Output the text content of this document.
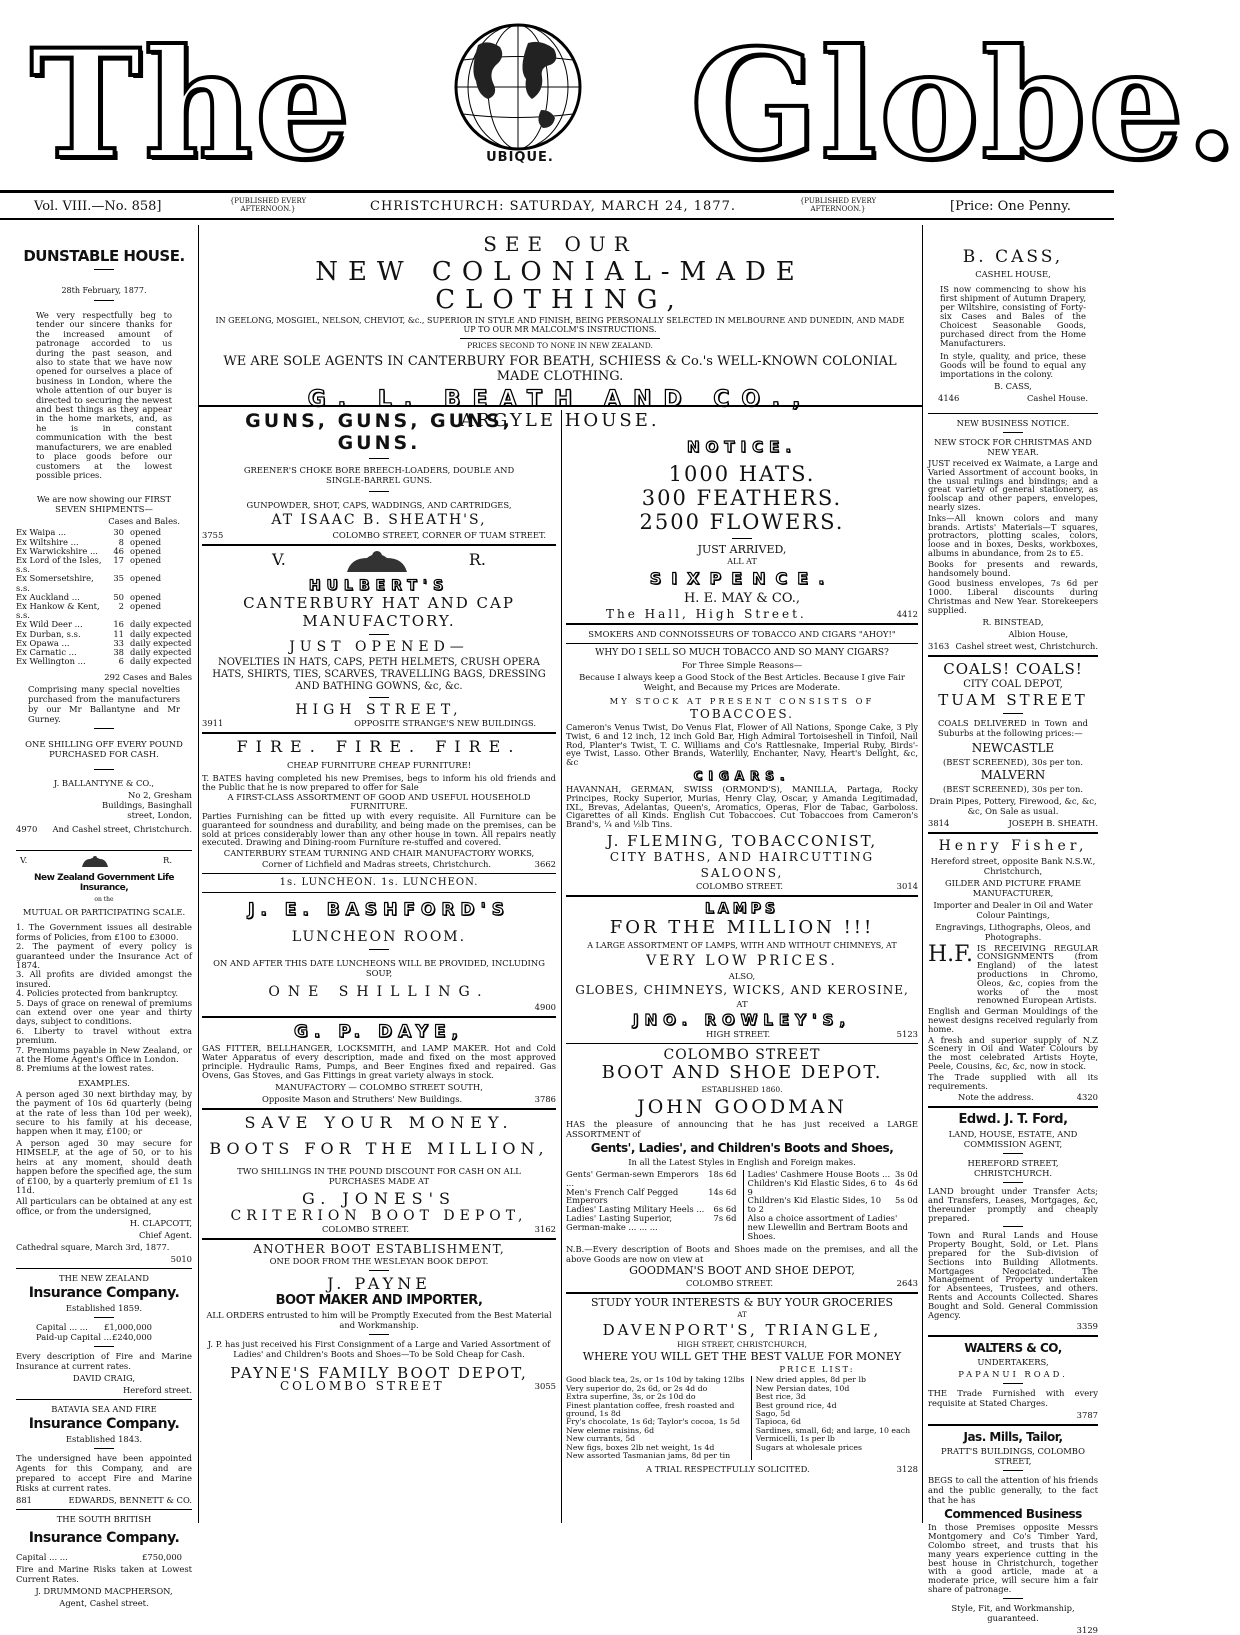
The	UBIQUE. Globe.
Vol. VIII.—No. 858]	{PUBLISHED EVERY AFTERNOON.}	CHRISTCHURCH: SATURDAY, MARCH 24, 1877.	{PUBLISHED EVERY AFTERNOON.}	[Price: One Penny.
DUNSTABLE HOUSE.
28th February, 1877.

We very respectfully beg to tender our sincere thanks for the increased amount of patronage accorded to us during the past season, and also to state that we have now opened for ourselves a place of business in London, where the whole attention of our buyer is directed to securing the newest and best things as they appear in the home markets, and, as he is in constant communication with the best manufacturers, we are enabled to place goods before our customers at the lowest possible prices.

We are now showing our FIRST SEVEN SHIPMENTS—

Cases and Bales.

Ex Waipa ...	30 opened
Ex Wiltshire ...	8 opened
Ex Warwickshire ...	46 opened
Ex Lord of the Isles, s.s.
17 opened
Ex Somersetshire, s.s.
35 opened
Ex Auckland ...	50 opened
Ex Hankow & Kent, s.s.
2 opened
Ex Wild Deer ...	16 daily expected
Ex Durban, s.s.	11 daily expected
Ex Opawa ...	33 daily expected
Ex Carnatic ...	38 daily expected
Ex Wellington ...	6 daily expected

292 Cases and Bales

Comprising many special novelties purchased from the manufacturers by our Mr Ballantyne and Mr Gurney.

ONE SHILLING OFF EVERY POUND PURCHASED FOR CASH.

J. BALLANTYNE & CO.,

No 2, Gresham Buildings, Basinghall street, London,

4970 And Cashel street, Christchurch.
V.	R.

New Zealand Government Life Insurance,

on the

MUTUAL OR PARTICIPATING SCALE.

1. The Government issues all desirable forms of Policies, from £100 to £3000.

2. The payment of every policy is guaranteed under the Insurance Act of 1874.

3. All profits are divided amongst the insured.

4. Policies protected from bankruptcy.

5. Days of grace on renewal of premiums can extend over one year and thirty days, subject to conditions.

6. Liberty to travel without extra premium.

7. Premiums payable in New Zealand, or at the Home Agent's Office in London.

8. Premiums at the lowest rates.

EXAMPLES.

A person aged 30 next birthday may, by the payment of 10s 6d quarterly (being at the rate of less than 10d per week), secure to his family at his decease, happen when it may, £100; or

A person aged 30 may secure for HIMSELF, at the age of 50, or to his heirs at any moment, should death happen before the specified age, the sum of £100, by a quarterly premium of £1 1s 11d.

All particulars can be obtained at any est office, or from the undersigned,

H. CLAPCOTT,

Chief Agent.

Cathedral square, March 3rd, 1877.

5010

THE NEW ZEALAND

Insurance Company.

Established 1859.

Capital ... ... £1,000,000
Paid-up Capital ... £240,000

Every description of Fire and Marine Insurance at current rates.

DAVID CRAIG,

Hereford street.

BATAVIA SEA AND FIRE

Insurance Company.

Established 1843.

The undersigned have been appointed Agents for this Company, and are prepared to accept Fire and Marine Risks at current rates.

881	EDWARDS, BENNETT & CO.

THE SOUTH BRITISH

Insurance Company.

Capital ... ...	£750,000

Fire and Marine Risks taken at Lowest Current Rates.

J. DRUMMOND MACPHERSON,

Agent, Cashel street.

SEE OUR
NEW COLONIAL-MADE CLOTHING,
IN GEELONG, MOSGIEL, NELSON, CHEVIOT, &c., SUPERIOR IN STYLE AND FINISH, BEING PERSONALLY SELECTED IN MELBOURNE AND DUNEDIN, AND MADE UP TO OUR MR MALCOLM'S INSTRUCTIONS.
PRICES SECOND TO NONE IN NEW ZEALAND.
WE ARE SOLE AGENTS IN CANTERBURY FOR BEATH, SCHIESS & Co.'s WELL-KNOWN COLONIAL MADE CLOTHING.
G. L. BEATH AND CO.,
ARGYLE HOUSE.
GUNS, GUNS, GUNS, GUNS.

GREENER'S CHOKE BORE BREECH-LOADERS, DOUBLE AND SINGLE-BARREL GUNS.

GUNPOWDER, SHOT, CAPS, WADDINGS, AND CARTRIDGES,

AT ISAAC B. SHEATH'S,

3755	COLOMBO STREET, CORNER OF TUAM STREET.
V.	R.
HULBERT'S
CANTERBURY HAT AND CAP MANUFACTORY.
JUST OPENED—

NOVELTIES IN HATS, CAPS, PETH HELMETS, CRUSH OPERA HATS, SHIRTS, TIES, SCARVES, TRAVELLING BAGS, DRESSING AND BATHING GOWNS, &c, &c.

HIGH STREET,
3911	OPPOSITE STRANGE'S NEW BUILDINGS.
FIRE. FIRE. FIRE.

CHEAP FURNITURE CHEAP FURNITURE!

T. BATES having completed his new Premises, begs to inform his old friends and the Public that he is now prepared to offer for Sale

A FIRST-CLASS ASSORTMENT OF GOOD AND USEFUL HOUSEHOLD FURNITURE.

Parties Furnishing can be fitted up with every requisite. All Furniture can be guaranteed for soundness and durability, and being made on the premises, can be sold at prices considerably lower than any other house in town. All repairs neatly executed. Drawing and Dining-room Furniture re-stuffed and covered.

CANTERBURY STEAM TURNING AND CHAIR MANUFACTORY WORKS,

Corner of Lichfield and Madras streets, Christchurch.	3662

1s. LUNCHEON. 1s. LUNCHEON.

J. E. BASHFORD'S
LUNCHEON ROOM.

ON AND AFTER THIS DATE LUNCHEONS WILL BE PROVIDED, INCLUDING SOUP,

ONE SHILLING.

4900

G. P. DAYE,

GAS FITTER, BELLHANGER, LOCKSMITH, and LAMP MAKER. Hot and Cold Water Apparatus of every description, made and fixed on the most approved principle. Hydraulic Rams, Pumps, and Beer Engines fixed and repaired. Gas Ovens, Gas Stoves, and Gas Fittings in great variety always in stock.

MANUFACTORY — COLOMBO STREET SOUTH,

Opposite Mason and Struthers' New Buildings.	3786
SAVE YOUR MONEY.
BOOTS FOR THE MILLION,

TWO SHILLINGS IN THE POUND DISCOUNT FOR CASH ON ALL PURCHASES MADE AT

G. JONES'S
CRITERION BOOT DEPOT,
COLOMBO STREET.	3162

ANOTHER BOOT ESTABLISHMENT,

ONE DOOR FROM THE WESLEYAN BOOK DEPOT.

J. PAYNE
BOOT MAKER AND IMPORTER,

ALL ORDERS entrusted to him will be Promptly Executed from the Best Material and Workmanship.

J. P. has just received his First Consignment of a Large and Varied Assortment of Ladies' and Children's Boots and Shoes—To be Sold Cheap for Cash.

PAYNE'S FAMILY BOOT DEPOT,
COLOMBO STREET	3055
NOTICE.
1000 HATS.
300 FEATHERS.
2500 FLOWERS.

JUST ARRIVED,

ALL AT

SIXPENCE.

H. E. MAY & CO.,

The Hall, High Street.	4412

SMOKERS AND CONNOISSEURS OF TOBACCO AND CIGARS "AHOY!"

WHY DO I SELL SO MUCH TOBACCO AND SO MANY CIGARS?

For Three Simple Reasons—

Because I always keep a Good Stock of the Best Articles. Because I give Fair Weight, and Because my Prices are Moderate.

MY STOCK AT PRESENT CONSISTS OF

TOBACCOES.

Cameron's Venus Twist, Do Venus Flat, Flower of All Nations, Sponge Cake, 3 Ply Twist, 6 and 12 inch, 12 inch Gold Bar, High Admiral Tortoiseshell in Tinfoil, Nail Rod, Planter's Twist, T. C. Williams and Co's Rattlesnake, Imperial Ruby, Birds'-eye Twist, Lasso. Other Brands, Waterlily, Enchanter, Navy, Heart's Delight, &c, &c

CIGARS.

HAVANNAH, GERMAN, SWISS (ORMOND'S), MANILLA, Partaga, Rocky Principes, Rocky Superior, Murias, Henry Clay, Oscar, y Amanda Legitimadad, IXL, Brevas, Adelantas, Queen's, Aromatics, Operas, Flor de Tabac, Garboloss. Cigarettes of all Kinds. English Cut Tobaccoes. Cut Tobaccoes from Cameron's Brand's, ¼ and ½lb Tins.

J. FLEMING, TOBACCONIST,
CITY BATHS, AND HAIRCUTTING SALOONS,
COLOMBO STREET.	3014
LAMPS
FOR THE MILLION !!!

A LARGE ASSORTMENT OF LAMPS, WITH AND WITHOUT CHIMNEYS, AT

VERY LOW PRICES.

ALSO,

GLOBES, CHIMNEYS, WICKS, AND KEROSINE,

AT

JNO. ROWLEY'S,
HIGH STREET.	5123
COLOMBO STREET
BOOT AND SHOE DEPOT.

ESTABLISHED 1860.

JOHN GOODMAN

HAS the pleasure of announcing that he has just received a LARGE ASSORTMENT of

Gents', Ladies', and Children's Boots and Shoes,

In all the Latest Styles in English and Foreign makes.

Gents' German-sewn Emperors ...
18s 6d
Men's French Calf Pegged Emperors
14s 6d
Ladies' Lasting Military Heels ...	6s 6d
Ladies' Lasting Superior, German-make ... ... ...
7s 6d
Ladies' Cashmere House Boots ... 3s 0d
Children's Kid Elastic Sides, 6 to 9
4s 6d
Children's Kid Elastic Sides, 10 to 2
5s 0d
Also a choice assortment of Ladies' new Llewellin and Bertram Boots and Shoes.

N.B.—Every description of Boots and Shoes made on the premises, and all the above Goods are now on view at

GOODMAN'S BOOT AND SHOE DEPOT,

COLOMBO STREET.	2643

STUDY YOUR INTERESTS & BUY YOUR GROCERIES

AT

DAVENPORT'S, TRIANGLE,

HIGH STREET, CHRISTCHURCH,

WHERE YOU WILL GET THE BEST VALUE FOR MONEY

PRICE LIST:

Good black tea, 2s, or 1s 10d by taking 12lbs
Very superior do, 2s 6d, or 2s 4d do
Extra superfine, 3s, or 2s 10d do
Finest plantation coffee, fresh roasted and ground, 1s 8d
Fry's chocolate, 1s 6d; Taylor's cocoa, 1s 5d
New eleme raisins, 6d
New currants, 5d
New figs, boxes 2lb net weight, 1s 4d
New assorted Tasmanian jams, 8d per tin
New dried apples, 8d per lb
New Persian dates, 10d
Best rice, 3d
Best ground rice, 4d
Sago, 5d
Tapioca, 6d
Sardines, small, 6d; and large, 10 each
Vermicelli, 1s per lb
Sugars at wholesale prices
A TRIAL RESPECTFULLY SOLICITED.	3128
B. CASS,

CASHEL HOUSE,

IS now commencing to show his first shipment of Autumn Drapery, per Wiltshire, consisting of Forty-six Cases and Bales of the Choicest Seasonable Goods, purchased direct from the Home Manufacturers.

In style, quality, and price, these Goods will be found to equal any importations in the colony.

B. CASS,

4146	Cashel House.

NEW BUSINESS NOTICE.

NEW STOCK FOR CHRISTMAS AND NEW YEAR.

JUST received ex Waimate, a Large and Varied Assortment of account books, in the usual rulings and bindings; and a great variety of general stationery, as foolscap and other papers, envelopes, nearly sizes.

Inks—All known colors and many brands. Artists' Materials—T squares, protractors, plotting scales, colors, loose and in boxes, Desks, workboxes, albums in abundance, from 2s to £5.

Books for presents and rewards, handsomely bound.

Good business envelopes, 7s 6d per 1000. Liberal discounts during Christmas and New Year. Storekeepers supplied.

R. BINSTEAD,

Albion House,

3163 Cashel street west, Christchurch.
COALS! COALS!

CITY COAL DEPOT,

TUAM STREET

COALS DELIVERED in Town and Suburbs at the following prices:—

NEWCASTLE

(BEST SCREENED), 30s per ton.

MALVERN

(BEST SCREENED), 30s per ton.

Drain Pipes, Pottery, Firewood, &c, &c, &c, On Sale as usual.

3814	JOSEPH B. SHEATH.
Henry Fisher,

Hereford street, opposite Bank N.S.W., Christchurch,

GILDER AND PICTURE FRAME MANUFACTURER,

Importer and Dealer in Oil and Water Colour Paintings,

Engravings, Lithographs, Oleos, and Photographs.

H.F. IS RECEIVING REGULAR CONSIGNMENTS (from England) of the latest productions in Chromo, Oleos, &c, copies from the works of the most renowned European Artists.

English and German Mouldings of the newest designs received regularly from home.

A fresh and superior supply of N.Z Scenery in Oil and Water Colours by the most celebrated Artists Hoyte, Peele, Cousins, &c, &c, now in stock.

The Trade supplied with all its requirements.

Note the address.	4320
Edwd. J. T. Ford,

LAND, HOUSE, ESTATE, AND COMMISSION AGENT,

HEREFORD STREET, CHRISTCHURCH.

LAND brought under Transfer Acts; and Transfers, Leases, Mortgages, &c, thereunder promptly and cheaply prepared.

Town and Rural Lands and House Property Bought, Sold, or Let. Plans prepared for the Sub-division of Sections into Building Allotments. Mortgages Negociated. The Management of Property undertaken for Absentees, Trustees, and others. Rents and Accounts Collected. Shares Bought and Sold. General Commission Agency.

3359

WALTERS & CO,

UNDERTAKERS,

PAPANUI ROAD.

THE Trade Furnished with every requisite at Stated Charges.

3787

Jas. Mills, Tailor,

PRATT'S BUILDINGS, COLOMBO STREET,

BEGS to call the attention of his friends and the public generally, to the fact that he has

Commenced Business

In those Premises opposite Messrs Montgomery and Co's Timber Yard, Colombo street, and trusts that his many years experience cutting in the best house in Christchurch, together with a good article, made at a moderate price, will secure him a fair share of patronage.

Style, Fit, and Workmanship, guaranteed.

3129
